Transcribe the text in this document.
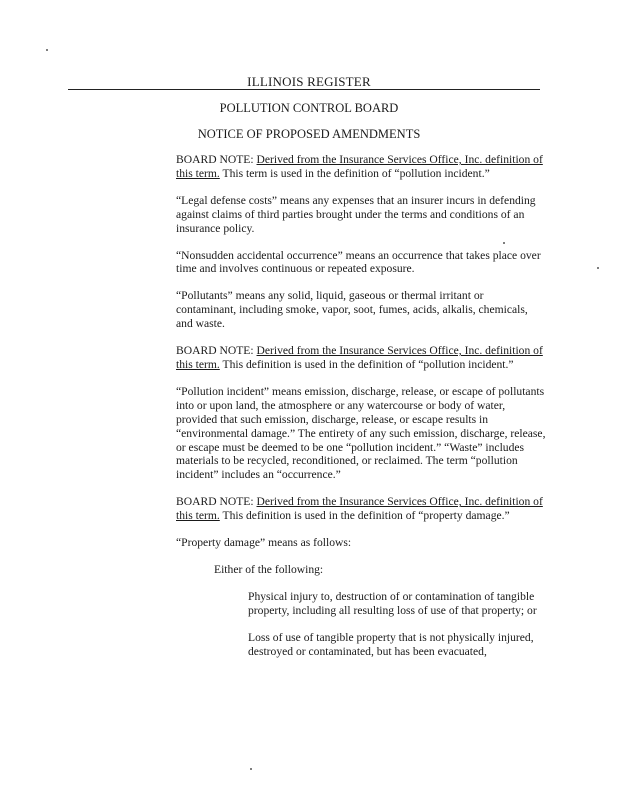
ILLINOIS REGISTER
POLLUTION CONTROL BOARD
NOTICE OF PROPOSED AMENDMENTS

BOARD NOTE: Derived from the Insurance Services Office, Inc. definition of this term. This term is used in the definition of “pollution incident.”

“Legal defense costs” means any expenses that an insurer incurs in defending against claims of third parties brought under the terms and conditions of an insurance policy.

“Nonsudden accidental occurrence” means an occurrence that takes place over time and involves continuous or repeated exposure.

“Pollutants” means any solid, liquid, gaseous or thermal irritant or contaminant, including smoke, vapor, soot, fumes, acids, alkalis, chemicals, and waste.

BOARD NOTE: Derived from the Insurance Services Office, Inc. definition of this term. This definition is used in the definition of “pollution incident.”

“Pollution incident” means emission, discharge, release, or escape of pollutants into or upon land, the atmosphere or any watercourse or body of water, provided that such emission, discharge, release, or escape results in “environmental damage.” The entirety of any such emission, discharge, release, or escape must be deemed to be one “pollution incident.” “Waste” includes materials to be recycled, reconditioned, or reclaimed. The term “pollution incident” includes an “occurrence.”

BOARD NOTE: Derived from the Insurance Services Office, Inc. definition of this term. This definition is used in the definition of “property damage.”

“Property damage” means as follows:

Either of the following:

Physical injury to, destruction of or contamination of tangible property, including all resulting loss of use of that property; or

Loss of use of tangible property that is not physically injured, destroyed or contaminated, but has been evacuated,
